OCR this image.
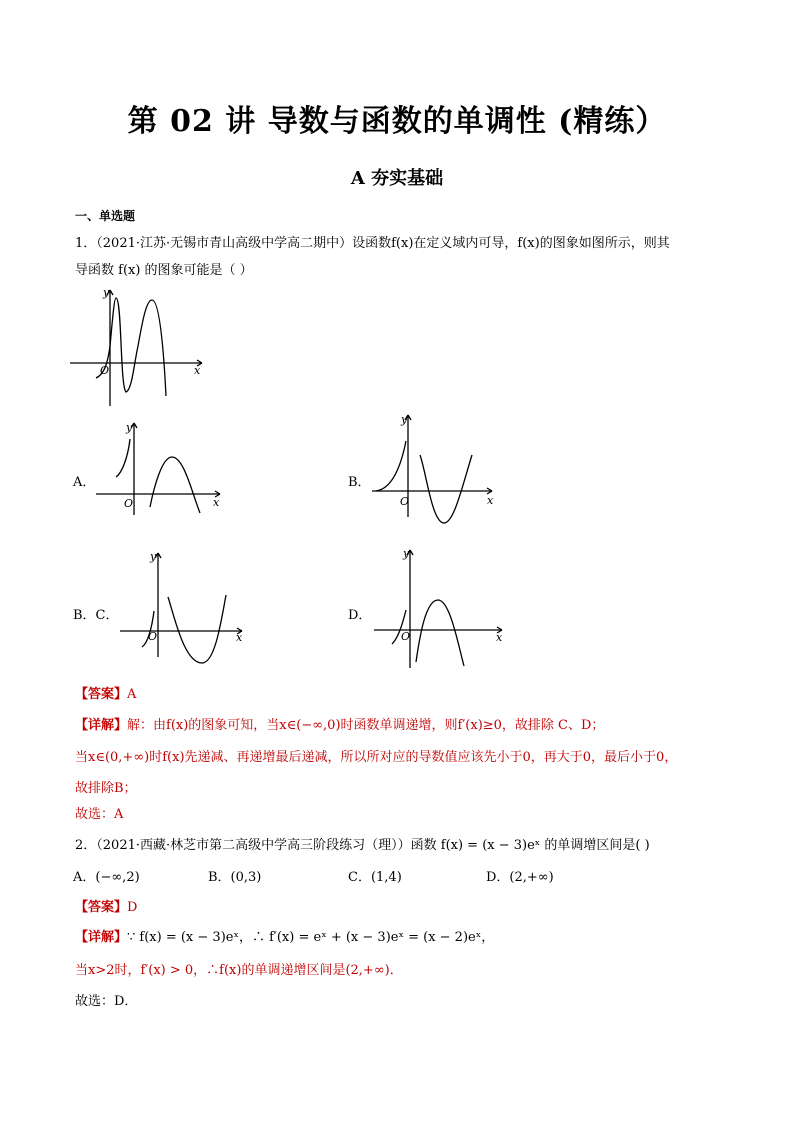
第 02 讲 导数与函数的单调性 (精练）
A 夯实基础
一、单选题
1．（2021·江苏·无锡市青山高级中学高二期中）设函数f(x)在定义域内可导，f(x)的图象如图所示，则其
导函数 f(x) 的图象可能是（ ）
y
x
O
A．
y
x
O
B．
y
x
O
B．C．
y
x
O
D．
y
x
O
【答案】A
【详解】解：由f(x)的图象可知，当x∈(−∞,0)时函数单调递增，则f′(x)≥0，故排除 C、D；
当x∈(0,+∞)时f(x)先递减、再递增最后递减，所以所对应的导数值应该先小于0，再大于0，最后小于0，
故排除B；
故选：A
2．（2021·西藏·林芝市第二高级中学高三阶段练习（理））函数 f(x) = (x − 3)eˣ 的单调增区间是( )
A．(−∞,2)	B．(0,3)	C．(1,4)	D．(2,+∞)
【答案】D
【详解】∵ f(x) = (x − 3)eˣ，∴ f′(x) = eˣ + (x − 3)eˣ = (x − 2)eˣ，
当x>2时，f′(x) > 0，∴f(x)的单调递增区间是(2,+∞)．
故选：D．
